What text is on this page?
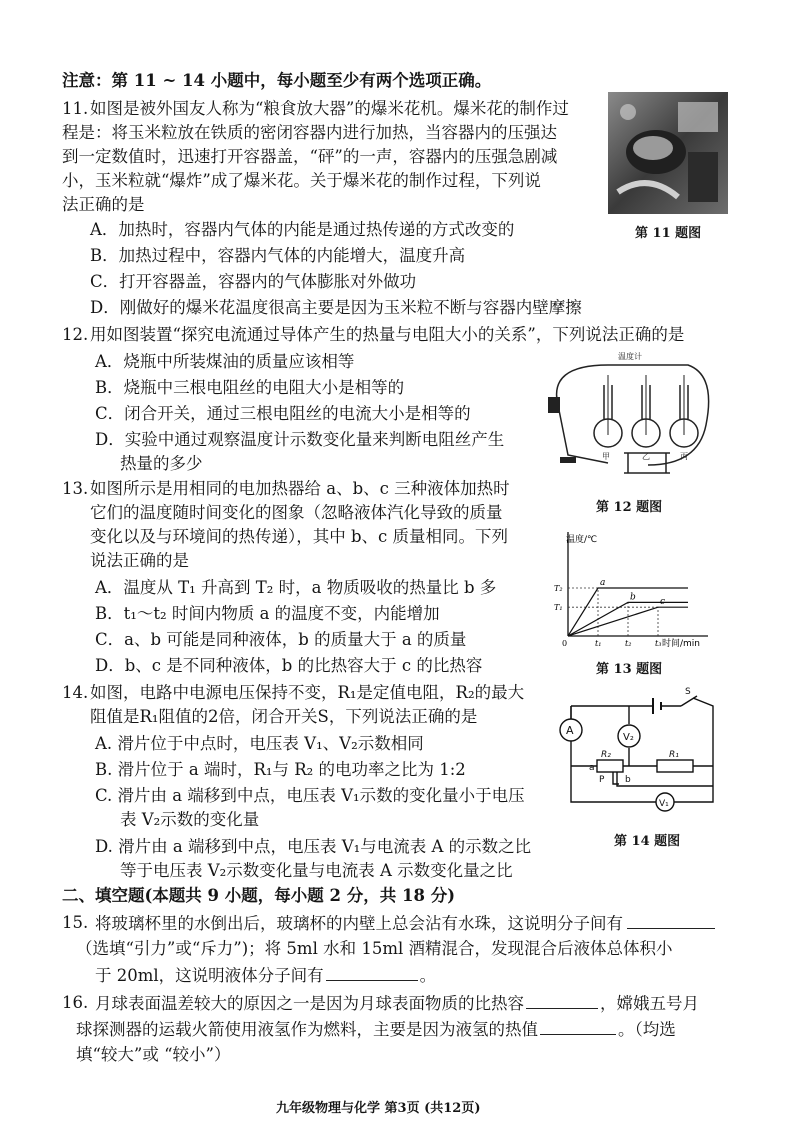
注意：第 11 ~ 14 小题中，每小题至少有两个选项正确。
11. 如图是被外国友人称为“粮食放大器”的爆米花机。爆米花的制作过
程是：将玉米粒放在铁质的密闭容器内进行加热，当容器内的压强达
到一定数值时，迅速打开容器盖，“砰”的一声，容器内的压强急剧减
小，玉米粒就“爆炸”成了爆米花。关于爆米花的制作过程，下列说
法正确的是
A．加热时，容器内气体的内能是通过热传递的方式改变的
B．加热过程中，容器内气体的内能增大，温度升高
C．打开容器盖，容器内的气体膨胀对外做功
D．刚做好的爆米花温度很高主要是因为玉米粒不断与容器内壁摩擦
第 11 题图
12. 用如图装置“探究电流通过导体产生的热量与电阻大小的关系”，下列说法正确的是
A．烧瓶中所装煤油的质量应该相等
B．烧瓶中三根电阻丝的电阻大小是相等的
C．闭合开关，通过三根电阻丝的电流大小是相等的
D．实验中通过观察温度计示数变化量来判断电阻丝产生
热量的多少
温度计
甲	乙	丙
第 12 题图
13. 如图所示是用相同的电加热器给 a、b、c 三种液体加热时
它们的温度随时间变化的图象（忽略液体汽化导致的质量
变化以及与环境间的热传递），其中 b、c 质量相同。下列
说法正确的是
A．温度从 T₁ 升高到 T₂ 时，a 物质吸收的热量比 b 多
B．t₁～t₂ 时间内物质 a 的温度不变，内能增加
C．a、b 可能是同种液体，b 的质量大于 a 的质量
D．b、c 是不同种液体，b 的比热容大于 c 的比热容
温度/℃
时间/min
T₂
T₁
0	t₁	t₂	t₃
a
b	c
第 13 题图
14. 如图，电路中电源电压保持不变，R₁是定值电阻，R₂的最大
阻值是R₁阻值的2倍，闭合开关S，下列说法正确的是
A. 滑片位于中点时，电压表 V₁、V₂示数相同
B. 滑片位于 a 端时，R₁与 R₂ 的电功率之比为 1:2
C. 滑片由 a 端移到中点，电压表 V₁示数的变化量小于电压
表 V₂示数的变化量
D. 滑片由 a 端移到中点，电压表 V₁与电流表 A 的示数之比
等于电压表 V₂示数变化量与电流表 A 示数变化量之比
A
V₂
V₁
R₁
R₂
S
a
b
P
第 14 题图
二、填空题(本题共 9 小题，每小题 2 分，共 18 分)
15. 将玻璃杯里的水倒出后，玻璃杯的内壁上总会沾有水珠，这说明分子间有
（选填“引力”或“斥力”)；将 5ml 水和 15ml 酒精混合，发现混合后液体总体积小
于 20ml，这说明液体分子间有	。
16. 月球表面温差较大的原因之一是因为月球表面物质的比热容	，嫦娥五号月
球探测器的运载火箭使用液氢作为燃料，主要是因为液氢的热值	。（均选
填“较大”或 “较小”）
九年级物理与化学 第3页 (共12页)
